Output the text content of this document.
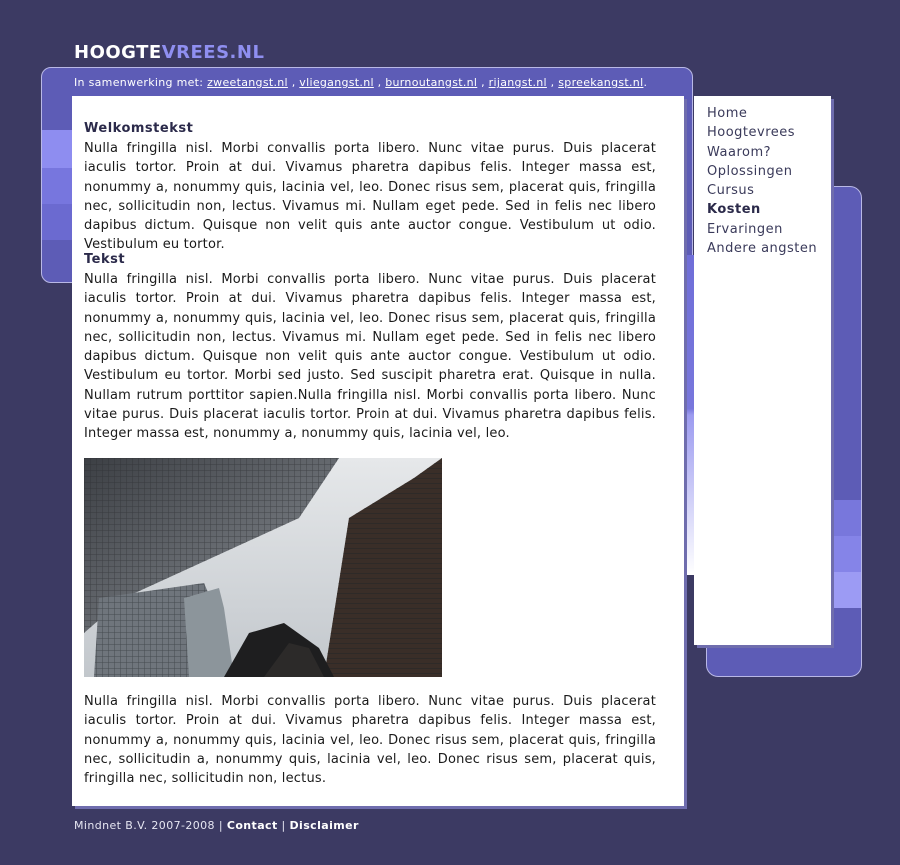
HOOGTEVREES.NL
In samenwerking met: zweetangst.nl , vliegangst.nl , burnoutangst.nl , rijangst.nl , spreekangst.nl.
Home
Hoogtevrees
Waarom?
Oplossingen
Cursus
Kosten
Ervaringen
Andere angsten
Welkomstekst

Nulla fringilla nisl. Morbi convallis porta libero. Nunc vitae purus. Duis placerat iaculis tortor. Proin at dui. Vivamus pharetra dapibus felis. Integer massa est, nonummy a, nonummy quis, lacinia vel, leo. Donec risus sem, placerat quis, fringilla nec, sollicitudin non, lectus. Vivamus mi. Nullam eget pede. Sed in felis nec libero dapibus dictum. Quisque non velit quis ante auctor congue. Vestibulum ut odio. Vestibulum eu tortor.

Tekst

Nulla fringilla nisl. Morbi convallis porta libero. Nunc vitae purus. Duis placerat iaculis tortor. Proin at dui. Vivamus pharetra dapibus felis. Integer massa est, nonummy a, nonummy quis, lacinia vel, leo. Donec risus sem, placerat quis, fringilla nec, sollicitudin non, lectus. Vivamus mi. Nullam eget pede. Sed in felis nec libero dapibus dictum. Quisque non velit quis ante auctor congue. Vestibulum ut odio. Vestibulum eu tortor. Morbi sed justo. Sed suscipit pharetra erat. Quisque in nulla. Nullam rutrum porttitor sapien.Nulla fringilla nisl. Morbi convallis porta libero. Nunc vitae purus. Duis placerat iaculis tortor. Proin at dui. Vivamus pharetra dapibus felis. Integer massa est, nonummy a, nonummy quis, lacinia vel, leo.

Nulla fringilla nisl. Morbi convallis porta libero. Nunc vitae purus. Duis placerat iaculis tortor. Proin at dui. Vivamus pharetra dapibus felis. Integer massa est, nonummy a, nonummy quis, lacinia vel, leo. Donec risus sem, placerat quis, fringilla nec, sollicitudin a, nonummy quis, lacinia vel, leo. Donec risus sem, placerat quis, fringilla nec, sollicitudin non, lectus.

Mindnet B.V. 2007-2008 | Contact | Disclaimer
